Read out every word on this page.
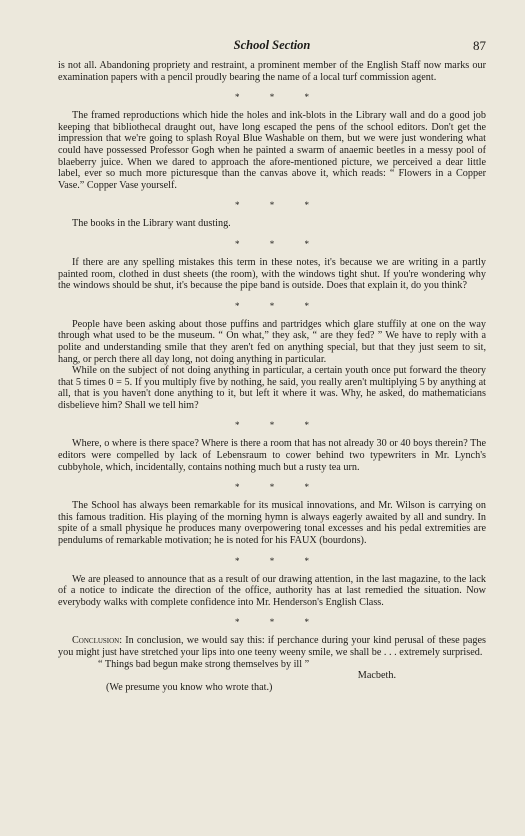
School Section	87

is not all. Abandoning propriety and restraint, a prominent member of the English Staff now marks our examination papers with a pencil proudly bearing the name of a local turf commission agent.

* * *

The framed reproductions which hide the holes and ink-blots in the Library wall and do a good job keeping that bibliothecal draught out, have long escaped the pens of the school editors. Don't get the impression that we're going to splash Royal Blue Washable on them, but we were just wondering what could have possessed Professor Gogh when he painted a swarm of anaemic beetles in a messy pool of blaeberry juice. When we dared to approach the afore-mentioned picture, we perceived a dear little label, ever so much more picturesque than the canvas above it, which reads: “ Flowers in a Copper Vase.” Copper Vase yourself.

* * *

The books in the Library want dusting.

* * *

If there are any spelling mistakes this term in these notes, it's because we are writing in a partly painted room, clothed in dust sheets (the room), with the windows tight shut. If you're wondering why the windows should be shut, it's because the pipe band is outside. Does that explain it, do you think?

* * *

People have been asking about those puffins and partridges which glare stuffily at one on the way through what used to be the museum. “ On what,” they ask, “ are they fed? ” We have to reply with a polite and understanding smile that they aren't fed on anything special, but that they just seem to sit, hang, or perch there all day long, not doing anything in particular.

While on the subject of not doing anything in particular, a certain youth once put forward the theory that 5 times 0 = 5. If you multiply five by nothing, he said, you really aren't multiplying 5 by anything at all, that is you haven't done anything to it, but left it where it was. Why, he asked, do mathematicians disbelieve him? Shall we tell him?

* * *

Where, o where is there space? Where is there a room that has not already 30 or 40 boys therein? The editors were compelled by lack of Lebensraum to cower behind two typewriters in Mr. Lynch's cubbyhole, which, incidentally, contains nothing much but a rusty tea urn.

* * *

The School has always been remarkable for its musical innovations, and Mr. Wilson is carrying on this famous tradition. His playing of the morning hymn is always eagerly awaited by all and sundry. In spite of a small physique he produces many overpowering tonal excesses and his pedal extremities are pendulums of remarkable motivation; he is noted for his FAUX (bourdons).

* * *

We are pleased to announce that as a result of our drawing attention, in the last magazine, to the lack of a notice to indicate the direction of the office, authority has at last remedied the situation. Now everybody walks with complete confidence into Mr. Henderson's English Class.

* * *

Conclusion: In conclusion, we would say this: if perchance during your kind perusal of these pages you might just have stretched your lips into one teeny weeny smile, we shall be . . . extremely surprised.

“ Things bad begun make strong themselves by ill ”

Macbeth.

(We presume you know who wrote that.)
